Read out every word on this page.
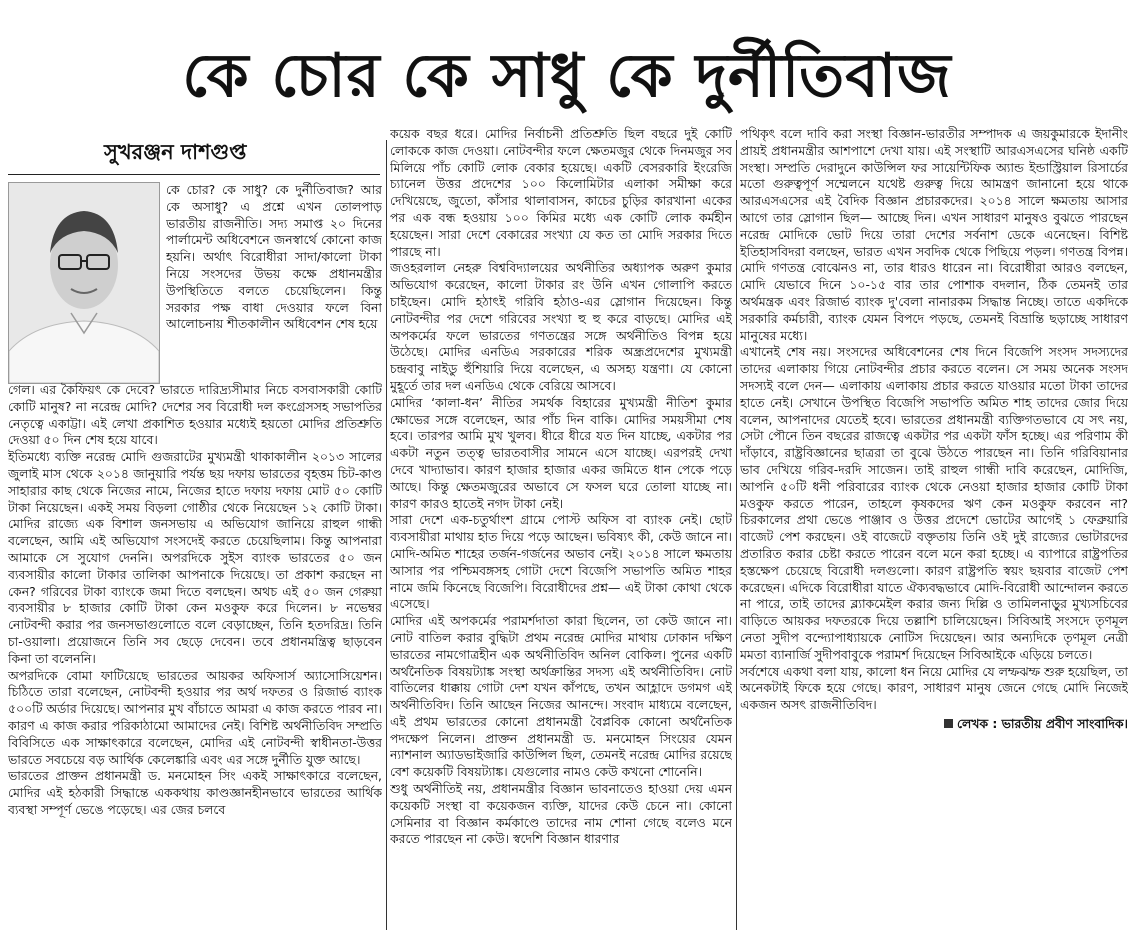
কে চোর কে সাধু কে দুর্নীতিবাজ
সুখরঞ্জন দাশগুপ্ত

কে চোর? কে সাধু? কে দুর্নীতিবাজ? আর কে অসাধু? এ প্রশ্নে এখন তোলপাড় ভারতীয় রাজনীতি। সদ্য সমাপ্ত ২০ দিনের পার্লামেন্ট অধিবেশনে জনস্বার্থে কোনো কাজ হয়নি। অর্থাৎ বিরোধীরা সাদা/কালো টাকা নিয়ে সংসদের উভয় কক্ষে প্রধানমন্ত্রীর উপস্থিতিতে বলতে চেয়েছিলেন। কিন্তু সরকার পক্ষ বাধা দেওয়ার ফলে বিনা আলোচনায় শীতকালীন অধিবেশন শেষ হয়ে

গেল। এর কৈফিয়ৎ কে দেবে? ভারতে দারিদ্র্যসীমার নিচে বসবাসকারী কোটি কোটি মানুষ? না নরেন্দ্র মোদি? দেশের সব বিরোধী দল কংগ্রেসসহ সভাপতির নেতৃত্বে একাট্টা। এই লেখা প্রকাশিত হওয়ার মধ্যেই হয়তো মোদির প্রতিশ্রুতি দেওয়া ৫০ দিন শেষ হয়ে যাবে।

ইতিমধ্যে ব্যক্তি নরেন্দ্র মোদি গুজরাটের মুখ্যমন্ত্রী থাকাকালীন ২০১৩ সালের জুলাই মাস থেকে ২০১৪ জানুয়ারি পর্যন্ত ছয় দফায় ভারতের বৃহত্তম চিট-কাণ্ড সাহারার কাছ থেকে নিজের নামে, নিজের হাতে দফায় দফায় মোট ৫০ কোটি টাকা নিয়েছেন। একই সময় বিড়লা গোষ্ঠীর থেকে নিয়েছেন ১২ কোটি টাকা। মোদির রাজ্যে এক বিশাল জনসভায় এ অভিযোগ জানিয়ে রাহুল গান্ধী বলেছেন, আমি এই অভিযোগ সংসদেই করতে চেয়েছিলাম। কিন্তু আপনারা আমাকে সে সুযোগ দেননি। অপরদিকে সুইস ব্যাংক ভারতের ৫০ জন ব্যবসায়ীর কালো টাকার তালিকা আপনাকে দিয়েছে। তা প্রকাশ করছেন না কেন? গরিবের টাকা ব্যাংকে জমা দিতে বলছেন। অথচ এই ৫০ জন গেরুয়া ব্যবসায়ীর ৮ হাজার কোটি টাকা কেন মওকুফ করে দিলেন। ৮ নভেম্বর নোটবন্দী করার পর জনসভাগুলোতে বলে বেড়াচ্ছেন, তিনি হতদরিদ্র। তিনি চা-ওয়ালা। প্রয়োজনে তিনি সব ছেড়ে দেবেন। তবে প্রধানমন্ত্রিত্ব ছাড়বেন কিনা তা বলেননি।

অপরদিকে বোমা ফাটিয়েছে ভারতের আয়কর অফিসার্স অ্যাসোসিয়েশন। চিঠিতে তারা বলেছেন, নোটবন্দী হওয়ার পর অর্থ দফতর ও রিজার্ভ ব্যাংক ৫০০টি অর্ডার দিয়েছে। আপনার মুখ বাঁচাতে আমরা এ কাজ করতে পারব না। কারণ এ কাজ করার পরিকাঠামো আমাদের নেই। বিশিষ্ট অর্থনীতিবিদ সম্প্রতি বিবিসিতে এক সাক্ষাৎকারে বলেছেন, মোদির এই নোটবন্দী স্বাধীনতা-উত্তর ভারতে সবচেয়ে বড় আর্থিক কেলেঙ্কারি এবং এর সঙ্গে দুর্নীতি যুক্ত আছে।

ভারতের প্রাক্তন প্রধানমন্ত্রী ড. মনমোহন সিং একই সাক্ষাৎকারে বলেছেন, মোদির এই হঠকারী সিদ্ধান্তে এককথায় কাণ্ডজ্ঞানহীনভাবে ভারতের আর্থিক ব্যবস্থা সম্পূর্ণ ভেঙে পড়েছে। এর জের চলবে

কয়েক বছর ধরে। মোদির নির্বাচনী প্রতিশ্রুতি ছিল বছরে দুই কোটি লোককে কাজ দেওয়া। নোটবন্দীর ফলে ক্ষেতমজুর থেকে দিনমজুর সব মিলিয়ে পাঁচ কোটি লোক বেকার হয়েছে। একটি বেসরকারি ইংরেজি চ্যানেল উত্তর প্রদেশের ১০০ কিলোমিটার এলাকা সমীক্ষা করে দেখিয়েছে, জুতো, কাঁসার থালাবাসন, কাচের চুড়ির কারখানা একের পর এক বন্ধ হওয়ায় ১০০ কিমির মধ্যে এক কোটি লোক কর্মহীন হয়েছেন। সারা দেশে বেকারের সংখ্যা যে কত তা মোদি সরকার দিতে পারছে না।

জওহরলাল নেহরু বিশ্ববিদ্যালয়ের অর্থনীতির অধ্যাপক অরুণ কুমার অভিযোগ করেছেন, কালো টাকার রং উনি এখন গোলাপি করতে চাইছেন। মোদি হঠাৎই গরিবি হঠাও-এর স্লোগান দিয়েছেন। কিন্তু নোটবন্দীর পর দেশে গরিবের সংখ্যা হু হু করে বাড়ছে। মোদির এই অপকর্মের ফলে ভারতের গণতন্ত্রের সঙ্গে অর্থনীতিও বিপন্ন হয়ে উঠেছে। মোদির এনডিএ সরকারের শরিক অন্ধ্রপ্রদেশের মুখ্যমন্ত্রী চন্দ্রবাবু নাইডু হুঁশিয়ারি দিয়ে বলেছেন, এ অসহ্য যন্ত্রণা। যে কোনো মুহূর্তে তার দল এনডিএ থেকে বেরিয়ে আসবে।

মোদির ‘কালা-ধন’ নীতির সমর্থক বিহারের মুখ্যমন্ত্রী নীতিশ কুমার ক্ষোভের সঙ্গে বলেছেন, আর পাঁচ দিন বাকি। মোদির সময়সীমা শেষ হবে। তারপর আমি মুখ খুলব। ধীরে ধীরে যত দিন যাচ্ছে, একটার পর একটা নতুন তত্ত্ব ভারতবাসীর সামনে এসে যাচ্ছে। এরপরই দেখা দেবে খাদ্যাভাব। কারণ হাজার হাজার একর জমিতে ধান পেকে পড়ে আছে। কিন্তু ক্ষেতমজুরের অভাবে সে ফসল ঘরে তোলা যাচ্ছে না। কারণ কারও হাতেই নগদ টাকা নেই।

সারা দেশে এক-চতুর্থাংশ গ্রামে পোস্ট অফিস বা ব্যাংক নেই। ছোট ব্যবসায়ীরা মাথায় হাত দিয়ে পড়ে আছেন। ভবিষ্যৎ কী, কেউ জানে না। মোদি-অমিত শাহের তর্জন-গর্জনের অভাব নেই। ২০১৪ সালে ক্ষমতায় আসার পর পশ্চিমবঙ্গসহ গোটা দেশে বিজেপি সভাপতি অমিত শাহর নামে জমি কিনেছে বিজেপি। বিরোধীদের প্রশ্ন— এই টাকা কোথা থেকে এসেছে।

মোদির এই অপকর্মের পরামর্শদাতা কারা ছিলেন, তা কেউ জানে না। নোট বাতিল করার বুদ্ধিটা প্রথম নরেন্দ্র মোদির মাথায় ঢোকান দক্ষিণ ভারতের নামগোত্রহীন এক অর্থনীতিবিদ অনিল বোকিল। পুনের একটি অর্থনৈতিক বিষয়ট্যাঙ্ক সংস্থা অর্থক্রান্তির সদস্য এই অর্থনীতিবিদ। নোট বাতিলের ধাক্কায় গোটা দেশ যখন কাঁপছে, তখন আহ্লাদে ডগমগ এই অর্থনীতিবিদ। তিনি আছেন নিজের আনন্দে। সংবাদ মাধ্যমে বলেছেন, এই প্রথম ভারতের কোনো প্রধানমন্ত্রী বৈপ্লবিক কোনো অর্থনৈতিক পদক্ষেপ নিলেন। প্রাক্তন প্রধানমন্ত্রী ড. মনমোহন সিংয়ের যেমন ন্যাশনাল অ্যাডভাইজারি কাউন্সিল ছিল, তেমনই নরেন্দ্র মোদির রয়েছে বেশ কয়েকটি বিষয়ট্যাঙ্ক। যেগুলোর নামও কেউ কখনো শোনেনি।

শুধু অর্থনীতিই নয়, প্রধানমন্ত্রীর বিজ্ঞান ভাবনাতেও হাওয়া দেয় এমন কয়েকটি সংস্থা বা কয়েকজন ব্যক্তি, যাদের কেউ চেনে না। কোনো সেমিনার বা বিজ্ঞান কর্মকাণ্ডে তাদের নাম শোনা গেছে বলেও মনে করতে পারছেন না কেউ। স্বদেশি বিজ্ঞান ধারণার

পথিকৃৎ বলে দাবি করা সংস্থা বিজ্ঞান-ভারতীর সম্পাদক এ জয়কুমারকে ইদানীং প্রায়ই প্রধানমন্ত্রীর আশপাশে দেখা যায়। এই সংস্থাটি আরএসএসের ঘনিষ্ঠ একটি সংস্থা। সম্প্রতি দেরাদুনে কাউন্সিল ফর সায়েন্টিফিক অ্যান্ড ইন্ডাস্ট্রিয়াল রিসার্চের মতো গুরুত্বপূর্ণ সম্মেলনে যথেষ্ট গুরুত্ব দিয়ে আমন্ত্রণ জানানো হয়ে থাকে আরএসএসের এই বৈদিক বিজ্ঞান প্রচারকদের। ২০১৪ সালে ক্ষমতায় আসার আগে তার স্লোগান ছিল— আচ্ছে দিন। এখন সাধারণ মানুষও বুঝতে পারছেন নরেন্দ্র মোদিকে ভোট দিয়ে তারা দেশের সর্বনাশ ডেকে এনেছেন। বিশিষ্ট ইতিহাসবিদরা বলছেন, ভারত এখন সবদিক থেকে পিছিয়ে পড়ল। গণতন্ত্র বিপন্ন। মোদি গণতন্ত্র বোঝেনও না, তার ধারও ধারেন না। বিরোধীরা আরও বলছেন, মোদি যেভাবে দিনে ১০-১৫ বার তার পোশাক বদলান, ঠিক তেমনই তার অর্থমন্ত্রক এবং রিজার্ভ ব্যাংক দু'বেলা নানারকম সিদ্ধান্ত নিচ্ছে। তাতে একদিকে সরকারি কর্মচারী, ব্যাংক যেমন বিপদে পড়ছে, তেমনই বিভ্রান্তি ছড়াচ্ছে সাধারণ মানুষের মধ্যে।

এখানেই শেষ নয়। সংসদের অধিবেশনের শেষ দিনে বিজেপি সংসদ সদস্যদের তাদের এলাকায় গিয়ে নোটবন্দীর প্রচার করতে বলেন। সে সময় অনেক সংসদ সদস্যই বলে দেন— এলাকায় এলাকায় প্রচার করতে যাওয়ার মতো টাকা তাদের হাতে নেই। সেখানে উপস্থিত বিজেপি সভাপতি অমিত শাহ তাদের জোর দিয়ে বলেন, আপনাদের যেতেই হবে। ভারতের প্রধানমন্ত্রী ব্যক্তিগতভাবে যে সৎ নয়, সেটা পৌনে তিন বছরের রাজত্বে একটার পর একটা ফাঁস হচ্ছে। এর পরিণাম কী দাঁড়াবে, রাষ্ট্রবিজ্ঞানের ছাত্ররা তা বুঝে উঠতে পারছেন না। তিনি গরিবিয়ানার ভাব দেখিয়ে গরিব-দরদি সাজেন। তাই রাহুল গান্ধী দাবি করেছেন, মোদিজি, আপনি ৫০টি ধনী পরিবারের ব্যাংক থেকে নেওয়া হাজার হাজার কোটি টাকা মওকুফ করতে পারেন, তাহলে কৃষকদের ঋণ কেন মওকুফ করবেন না? চিরকালের প্রথা ভেঙে পাঞ্জাব ও উত্তর প্রদেশে ভোটের আগেই ১ ফেব্রুয়ারি বাজেট পেশ করছেন। ওই বাজেটে বক্তৃতায় তিনি ওই দুই রাজ্যের ভোটারদের প্রতারিত করার চেষ্টা করতে পারেন বলে মনে করা হচ্ছে। এ ব্যাপারে রাষ্ট্রপতির হস্তক্ষেপ চেয়েছে বিরোধী দলগুলো। কারণ রাষ্ট্রপতি স্বয়ং ছয়বার বাজেট পেশ করেছেন। এদিকে বিরোধীরা যাতে ঐক্যবদ্ধভাবে মোদি-বিরোধী আন্দোলন করতে না পারে, তাই তাদের ব্ল্যাকমেইল করার জন্য দিল্লি ও তামিলনাড়ুর মুখ্যসচিবের বাড়িতে আয়কর দফতরকে দিয়ে তল্লাশি চালিয়েছেন। সিবিআই সংসদে তৃণমূল নেতা সুদীপ বন্দ্যোপাধ্যায়কে নোটিস দিয়েছেন। আর অন্যদিকে তৃণমূল নেত্রী মমতা ব্যানার্জি সুদীপবাবুকে পরামর্শ দিয়েছেন সিবিআইকে এড়িয়ে চলতে।

সর্বশেষে একথা বলা যায়, কালো ধন নিয়ে মোদির যে লম্ফঝম্ফ শুরু হয়েছিল, তা অনেকটাই ফিকে হয়ে গেছে। কারণ, সাধারণ মানুষ জেনে গেছে মোদি নিজেই একজন অসৎ রাজনীতিবিদ।

লেখক : ভারতীয় প্রবীণ সাংবাদিক।
